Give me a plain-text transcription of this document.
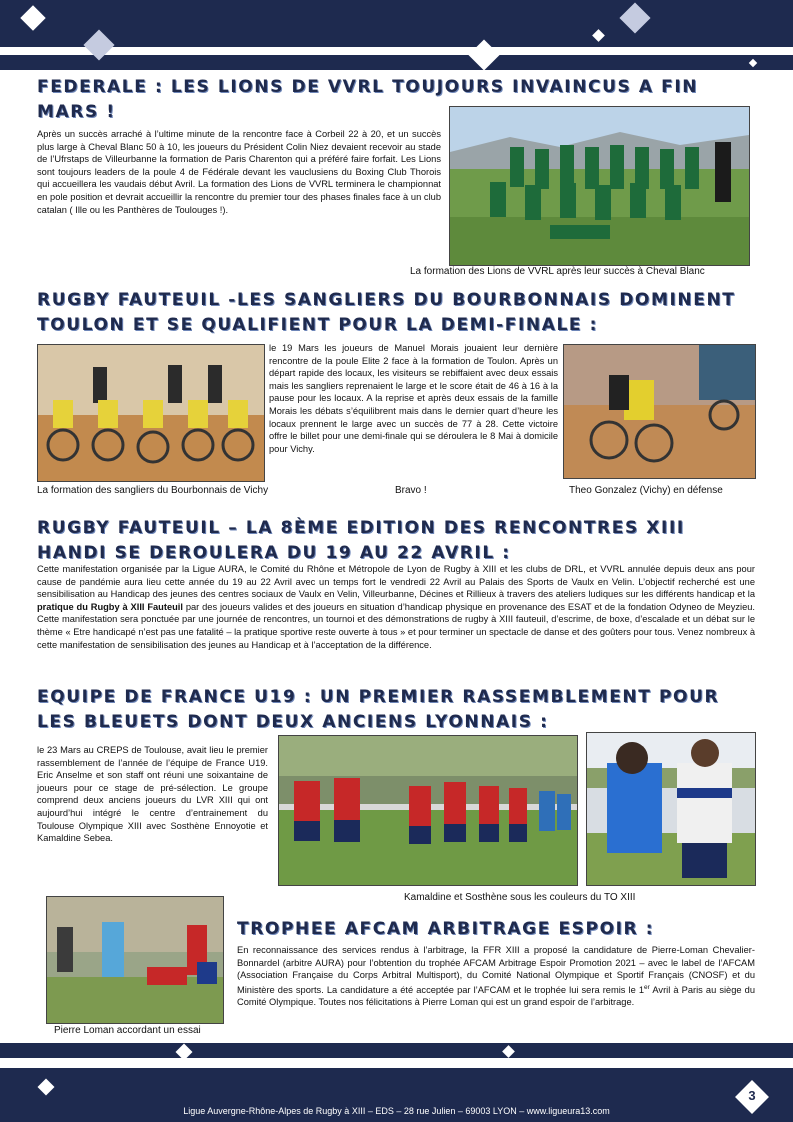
FEDERALE : LES LIONS DE VVRL TOUJOURS INVAINCUS A FIN MARS !

Après un succès arraché à l’ultime minute de la rencontre face à Corbeil 22 à 20, et un succès plus large à Cheval Blanc 50 à 10, les joueurs du Président Colin Niez devaient recevoir au stade de l’Ufrstaps de Villeurbanne la formation de Paris Charenton qui a préféré faire forfait. Les Lions sont toujours leaders de la poule 4 de Fédérale devant les vauclusiens du Boxing Club Thorois qui accueillera les vaudais début Avril. La formation des Lions de VVRL terminera le championnat en pole position et devrait accueillir la rencontre du premier tour des phases finales face à un club catalan ( Ille ou les Panthères de Toulouges !).

La formation des Lions de VVRL après leur succès à Cheval Blanc

RUGBY FAUTEUIL -LES SANGLIERS DU BOURBONNAIS DOMINENT TOULON ET SE QUALIFIENT POUR LA DEMI-FINALE :

le 19 Mars les joueurs de Manuel Morais jouaient leur dernière rencontre de la poule Elite 2 face à la formation de Toulon. Après un départ rapide des locaux, les visiteurs se rebiffaient avec deux essais mais les sangliers reprenaient le large et le score était de 46 à 16 à la pause pour les locaux. A la reprise et après deux essais de la famille Morais les débats s’équilibrent mais dans le dernier quart d’heure les locaux prennent le large avec un succès de 77 à 28. Cette victoire offre le billet pour une demi-finale qui se déroulera le 8 Mai à domicile pour Vichy.

La formation des sangliers du Bourbonnais de Vichy	Bravo !	Theo Gonzalez (Vichy) en défense

RUGBY FAUTEUIL – LA 8ÈME EDITION DES RENCONTRES XIII HANDI SE DEROULERA DU 19 AU 22 AVRIL :

Cette manifestation organisée par la Ligue AURA, le Comité du Rhône et Métropole de Lyon de Rugby à XIII et les clubs de DRL, et VVRL annulée depuis deux ans pour cause de pandémie aura lieu cette année du 19 au 22 Avril avec un temps fort le vendredi 22 Avril au Palais des Sports de Vaulx en Velin. L’objectif recherché est une sensibilisation au Handicap des jeunes des centres sociaux de Vaulx en Velin, Villeurbanne, Décines et Rillieux à travers des ateliers ludiques sur les différents handicap et la pratique du Rugby à XIII Fauteuil par des joueurs valides et des joueurs en situation d’handicap physique en provenance des ESAT et de la fondation Odyneo de Meyzieu. Cette manifestation sera ponctuée par une journée de rencontres, un tournoi et des démonstrations de rugby à XIII fauteuil, d’escrime, de boxe, d’escalade et un débat sur le thème « Etre handicapé n’est pas une fatalité – la pratique sportive reste ouverte à tous » et pour terminer un spectacle de danse et des goûters pour tous. Venez nombreux à cette manifestation de sensibilisation des jeunes au Handicap et à l’acceptation de la différence.

EQUIPE DE FRANCE U19 : UN PREMIER RASSEMBLEMENT POUR LES BLEUETS DONT DEUX ANCIENS LYONNAIS :

le 23 Mars au CREPS de Toulouse, avait lieu le premier rassemblement de l’année de l’équipe de France U19. Eric Anselme et son staff ont réuni une soixantaine de joueurs pour ce stage de pré-sélection. Le groupe comprend deux anciens joueurs du LVR XIII qui ont aujourd’hui intégré le centre d’entrainement du Toulouse Olympique XIII avec Sosthène Ennoyotie et Kamaldine Sebea.

Kamaldine et Sosthène sous les couleurs du TO XIII

Pierre Loman accordant un essai

TROPHEE AFCAM ARBITRAGE ESPOIR :

En reconnaissance des services rendus à l’arbitrage, la FFR XIII a proposé la candidature de Pierre-Loman Chevalier-Bonnardel (arbitre AURA) pour l’obtention du trophée AFCAM Arbitrage Espoir Promotion 2021 – avec le label de l’AFCAM (Association Française du Corps Arbitral Multisport), du Comité National Olympique et Sportif Français (CNOSF) et du Ministère des sports. La candidature a été acceptée par l’AFCAM et le trophée lui sera remis le 1er Avril à Paris au siège du Comité Olympique. Toutes nos félicitations à Pierre Loman qui est un grand espoir de l’arbitrage.

Ligue Auvergne-Rhône-Alpes de Rugby à XIII – EDS – 28 rue Julien – 69003 LYON – www.ligueura13.com

3
